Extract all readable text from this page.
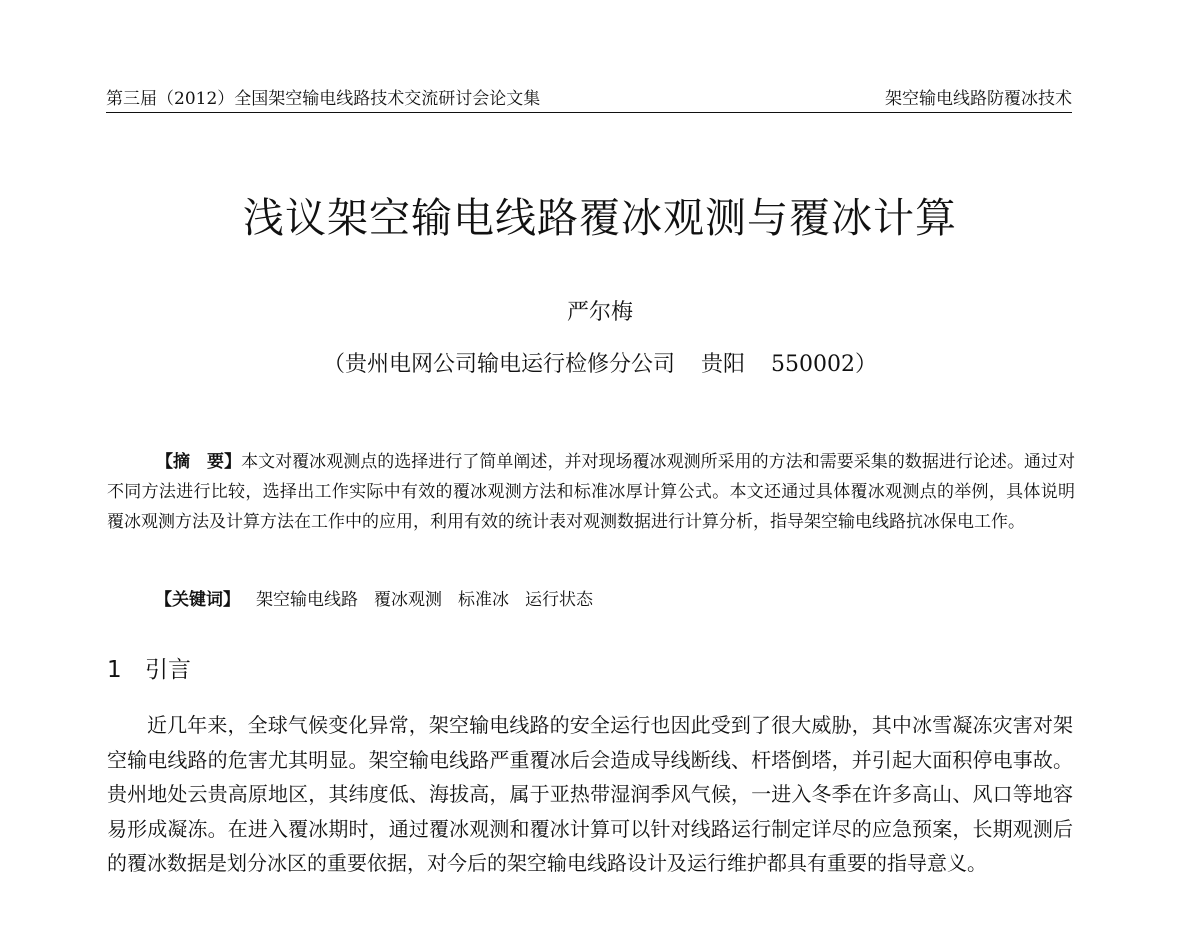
第三届（2012）全国架空输电线路技术交流研讨会论文集	架空输电线路防覆冰技术
浅议架空输电线路覆冰观测与覆冰计算
严尔梅
（贵州电网公司输电运行检修分公司 贵阳 550002）
【摘　要】本文对覆冰观测点的选择进行了简单阐述，并对现场覆冰观测所采用的方法和需要采集的数据进行论述。通过对不同方法进行比较，选择出工作实际中有效的覆冰观测方法和标准冰厚计算公式。本文还通过具体覆冰观测点的举例，具体说明覆冰观测方法及计算方法在工作中的应用，利用有效的统计表对观测数据进行计算分析，指导架空输电线路抗冰保电工作。
【关键词】 架空输电线路 覆冰观测 标准冰 运行状态
1 引言
近几年来，全球气候变化异常，架空输电线路的安全运行也因此受到了很大威胁，其中冰雪凝冻灾害对架空输电线路的危害尤其明显。架空输电线路严重覆冰后会造成导线断线、杆塔倒塔，并引起大面积停电事故。贵州地处云贵高原地区，其纬度低、海拔高，属于亚热带湿润季风气候，一进入冬季在许多高山、风口等地容易形成凝冻。在进入覆冰期时，通过覆冰观测和覆冰计算可以针对线路运行制定详尽的应急预案，长期观测后的覆冰数据是划分冰区的重要依据，对今后的架空输电线路设计及运行维护都具有重要的指导意义。
